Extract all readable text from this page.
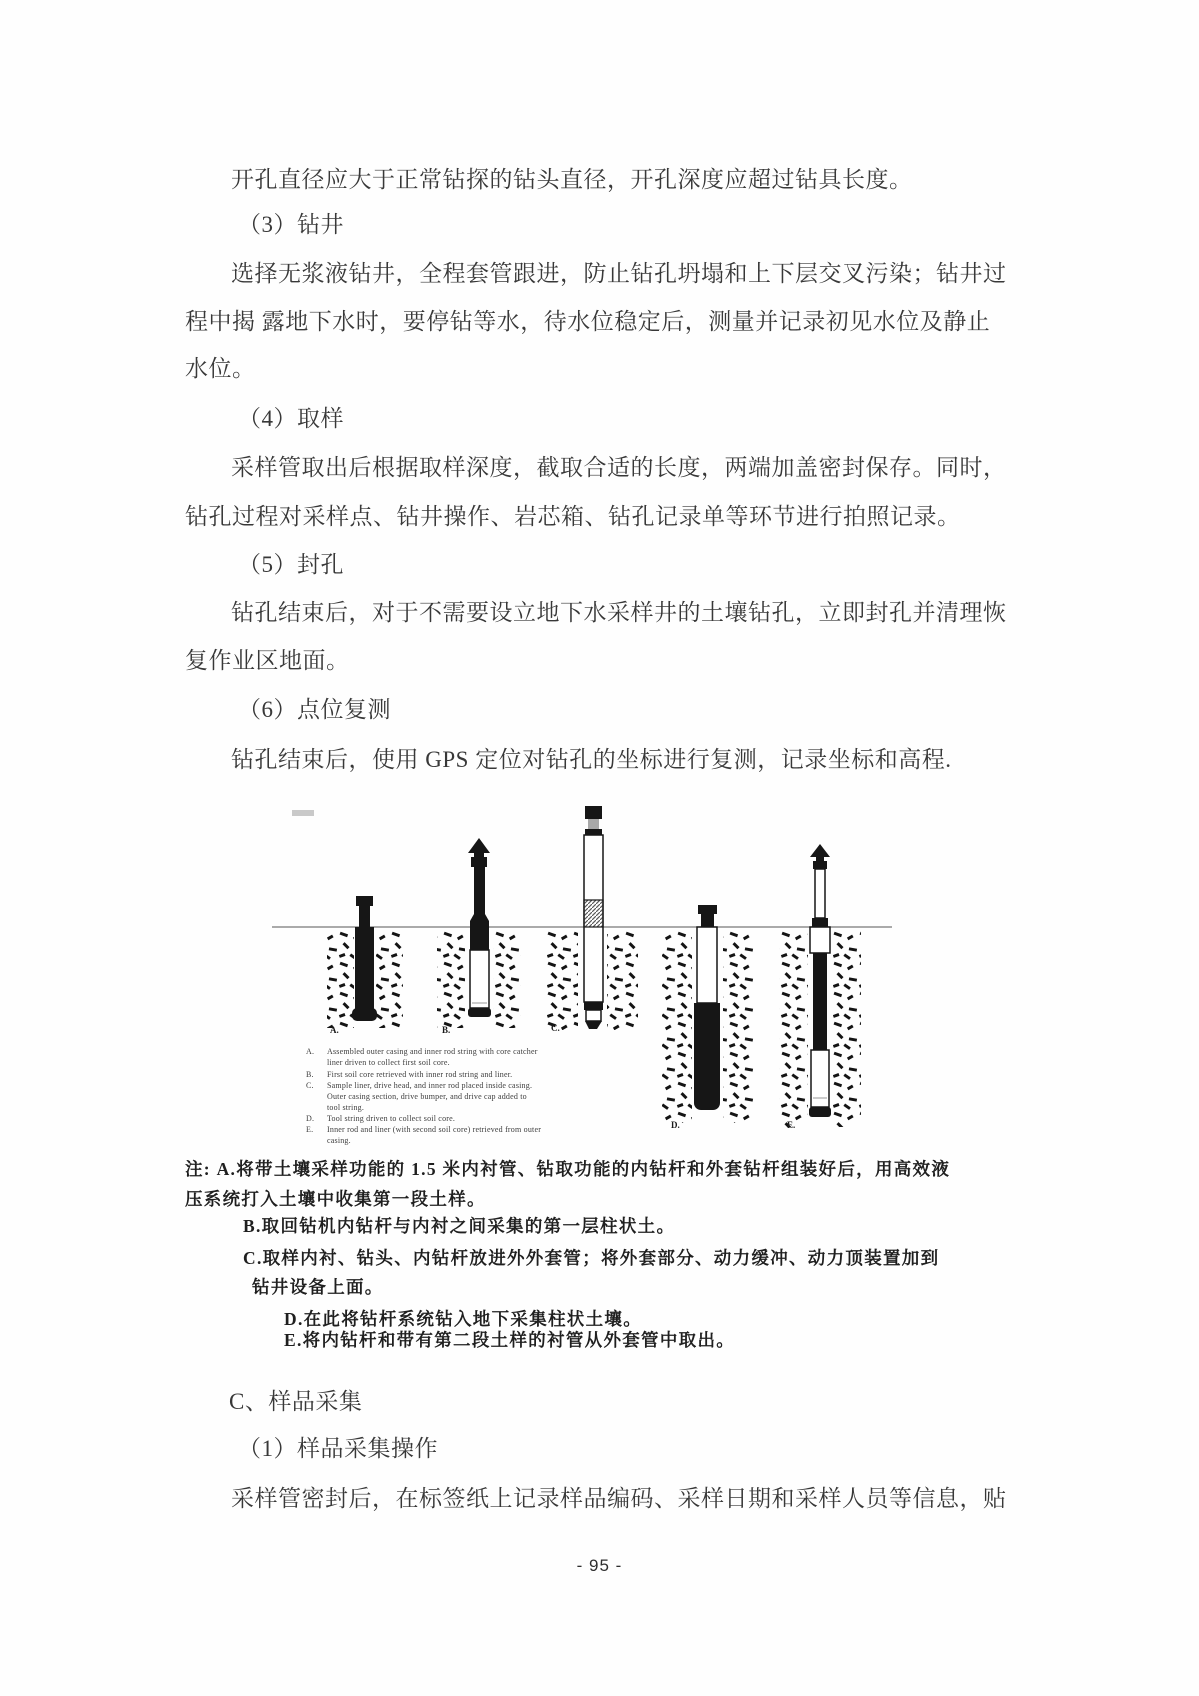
开孔直径应大于正常钻探的钻头直径，开孔深度应超过钻具长度。
（3）钻井
选择无浆液钻井，全程套管跟进，防止钻孔坍塌和上下层交叉污染；钻井过
程中揭 露地下水时，要停钻等水，待水位稳定后，测量并记录初见水位及静止
水位。
（4）取样
采样管取出后根据取样深度，截取合适的长度，两端加盖密封保存。同时，
钻孔过程对采样点、钻井操作、岩芯箱、钻孔记录单等环节进行拍照记录。
（5）封孔
钻孔结束后，对于不需要设立地下水采样井的土壤钻孔，立即封孔并清理恢
复作业区地面。
（6）点位复测
钻孔结束后，使用 GPS 定位对钻孔的坐标进行复测，记录坐标和高程.
A.	B.	C.
D.	E.
A. Assembled outer casing and inner rod string with core catcher
liner driven to collect first soil core.
B. First soil core retrieved with inner rod string and liner.
C. Sample liner, drive head, and inner rod placed inside casing.
Outer casing section, drive bumper, and drive cap added to
tool string.
D. Tool string driven to collect soil core.
E. Inner rod and liner (with second soil core) retrieved from outer
casing.
注: A.将带土壤采样功能的 1.5 米内衬管、钻取功能的内钻杆和外套钻杆组装好后，用高效液
压系统打入土壤中收集第一段土样。
B.取回钻机内钻杆与内衬之间采集的第一层柱状土。
C.取样内衬、钻头、内钻杆放进外外套管；将外套部分、动力缓冲、动力顶装置加到
钻井设备上面。
D.在此将钻杆系统钻入地下采集柱状土壤。
E.将内钻杆和带有第二段土样的衬管从外套管中取出。
C、样品采集
（1）样品采集操作
采样管密封后，在标签纸上记录样品编码、采样日期和采样人员等信息，贴
- 95 -
